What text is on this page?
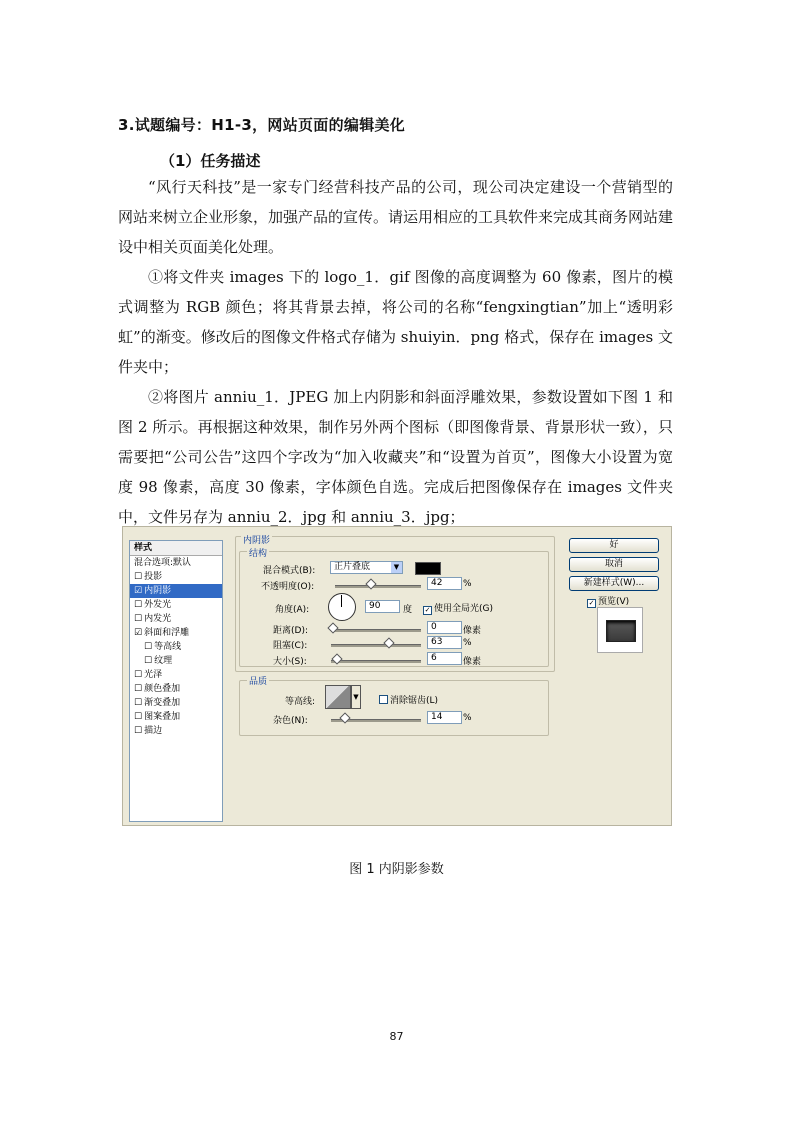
3.试题编号：H1-3，网站页面的编辑美化
（1）任务描述
“风行天科技”是一家专门经营科技产品的公司，现公司决定建设一个营销型的网站来树立企业形象，加强产品的宣传。请运用相应的工具软件来完成其商务网站建设中相关页面美化处理。
①将文件夹 images 下的 logo_1．gif 图像的高度调整为 60 像素，图片的模式调整为 RGB 颜色；将其背景去掉，将公司的名称“fengxingtian”加上“透明彩虹”的渐变。修改后的图像文件格式存储为 shuiyin．png 格式，保存在 images 文件夹中；
②将图片 anniu_1．JPEG 加上内阴影和斜面浮雕效果，参数设置如下图 1 和图 2 所示。再根据这种效果，制作另外两个图标（即图像背景、背景形状一致），只需要把“公司公告”这四个字改为“加入收藏夹”和“设置为首页”，图像大小设置为宽度 98 像素，高度 30 像素，字体颜色自选。完成后把图像保存在 images 文件夹中，文件另存为 anniu_2．jpg 和 anniu_3．jpg；
样式
混合选项:默认
☐ 投影
☑ 内阴影
☐ 外发光
☐ 内发光
☑ 斜面和浮雕
☐ 等高线
☐ 纹理
☐ 光泽
☐ 颜色叠加
☐ 渐变叠加
☐ 图案叠加
☐ 描边
内阴影
结构
混合模式(B):	正片叠底	▼
不透明度(O):	42	%
角度(A):	90	度 ✓ 使用全局光(G)
距离(D):	0	像素
阻塞(C):	63	%
大小(S):	6	像素
品质
等高线:	▼	消除锯齿(L)
杂色(N):	14	%
好
取消
新建样式(W)...
✓ 预览(V)
图 1 内阴影参数
87
